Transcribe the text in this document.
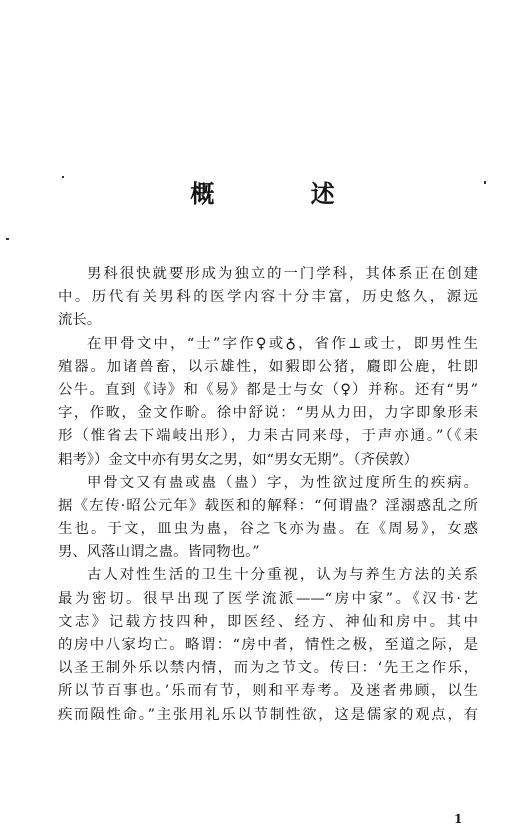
概 述

男科很快就要形成为独立的一门学科，其体系正在创建

中。历代有关男科的医学内容十分丰富，历史悠久，源远

流长。

在甲骨文中，“士”字作♀或♁，省作⊥或士，即男性生

殖器。加诸兽畜，以示雄性，如豭即公猪，麚即公鹿，牡即

公牛。直到《诗》和《易》都是士与女（♀）并称。还有“男”

字，作畋，金文作畍。徐中舒说：“男从力田，力字即象形耒

形（惟省去下端岐出形），力耒古同来母，于声亦通。”（《耒

耜考》）金文中亦有男女之男，如“男女无期”。（齐侯敦）

甲骨文又有蛊或蛊（蛊）字，为性欲过度所生的疾病。

据《左传·昭公元年》载医和的解释：“何谓蛊？淫溺惑乱之所

生也。于文，皿虫为蛊，谷之飞亦为蛊。在《周易》，女惑

男、风落山谓之蛊。皆同物也。”

古人对性生活的卫生十分重视，认为与养生方法的关系

最为密切。很早出现了医学流派——“房中家”。《汉书·艺

文志》记载方技四种，即医经、经方、神仙和房中。其中

的房中八家均亡。略谓：“房中者，情性之极，至道之际，是

以圣王制外乐以禁内情，而为之节文。传曰：‘先王之作乐，

所以节百事也。’乐而有节，则和平寿考。及迷者弗顾，以生

疾而陨性命。”主张用礼乐以节制性欲，这是儒家的观点，有

1
